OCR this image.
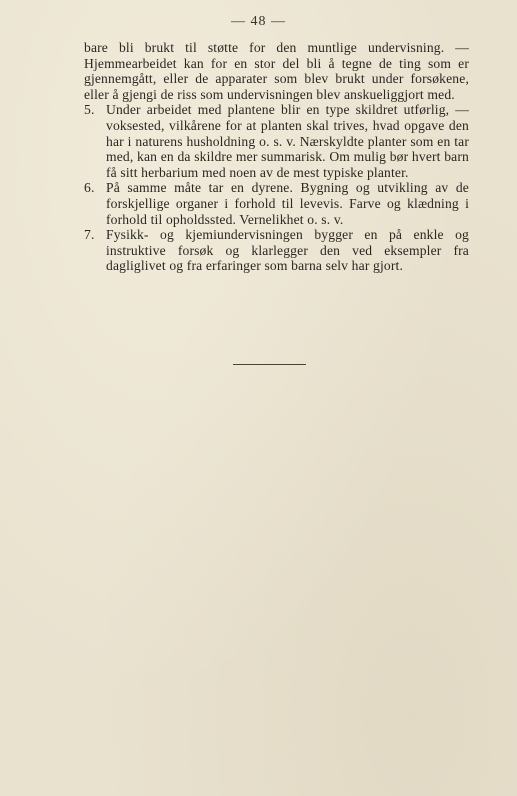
— 48 —

bare bli brukt til støtte for den muntlige undervisning. — Hjemmearbeidet kan for en stor del bli å tegne de ting som er gjennemgått, eller de apparater som blev brukt under forsøkene, eller å gjengi de riss som undervisningen blev anskueliggjort med.

5. Under arbeidet med plantene blir en type skildret utførlig, — voksested, vilkårene for at planten skal trives, hvad opgave den har i naturens husholdning o. s. v. Nærskyldte planter som en tar med, kan en da skildre mer summarisk. Om mulig bør hvert barn få sitt herbarium med noen av de mest typiske planter.
6. På samme måte tar en dyrene. Bygning og utvikling av de forskjellige organer i forhold til levevis. Farve og klædning i forhold til opholdssted. Vernelikhet o. s. v.
7. Fysikk- og kjemiundervisningen bygger en på enkle og instruktive forsøk og klarlegger den ved eksempler fra dagliglivet og fra erfaringer som barna selv har gjort.
